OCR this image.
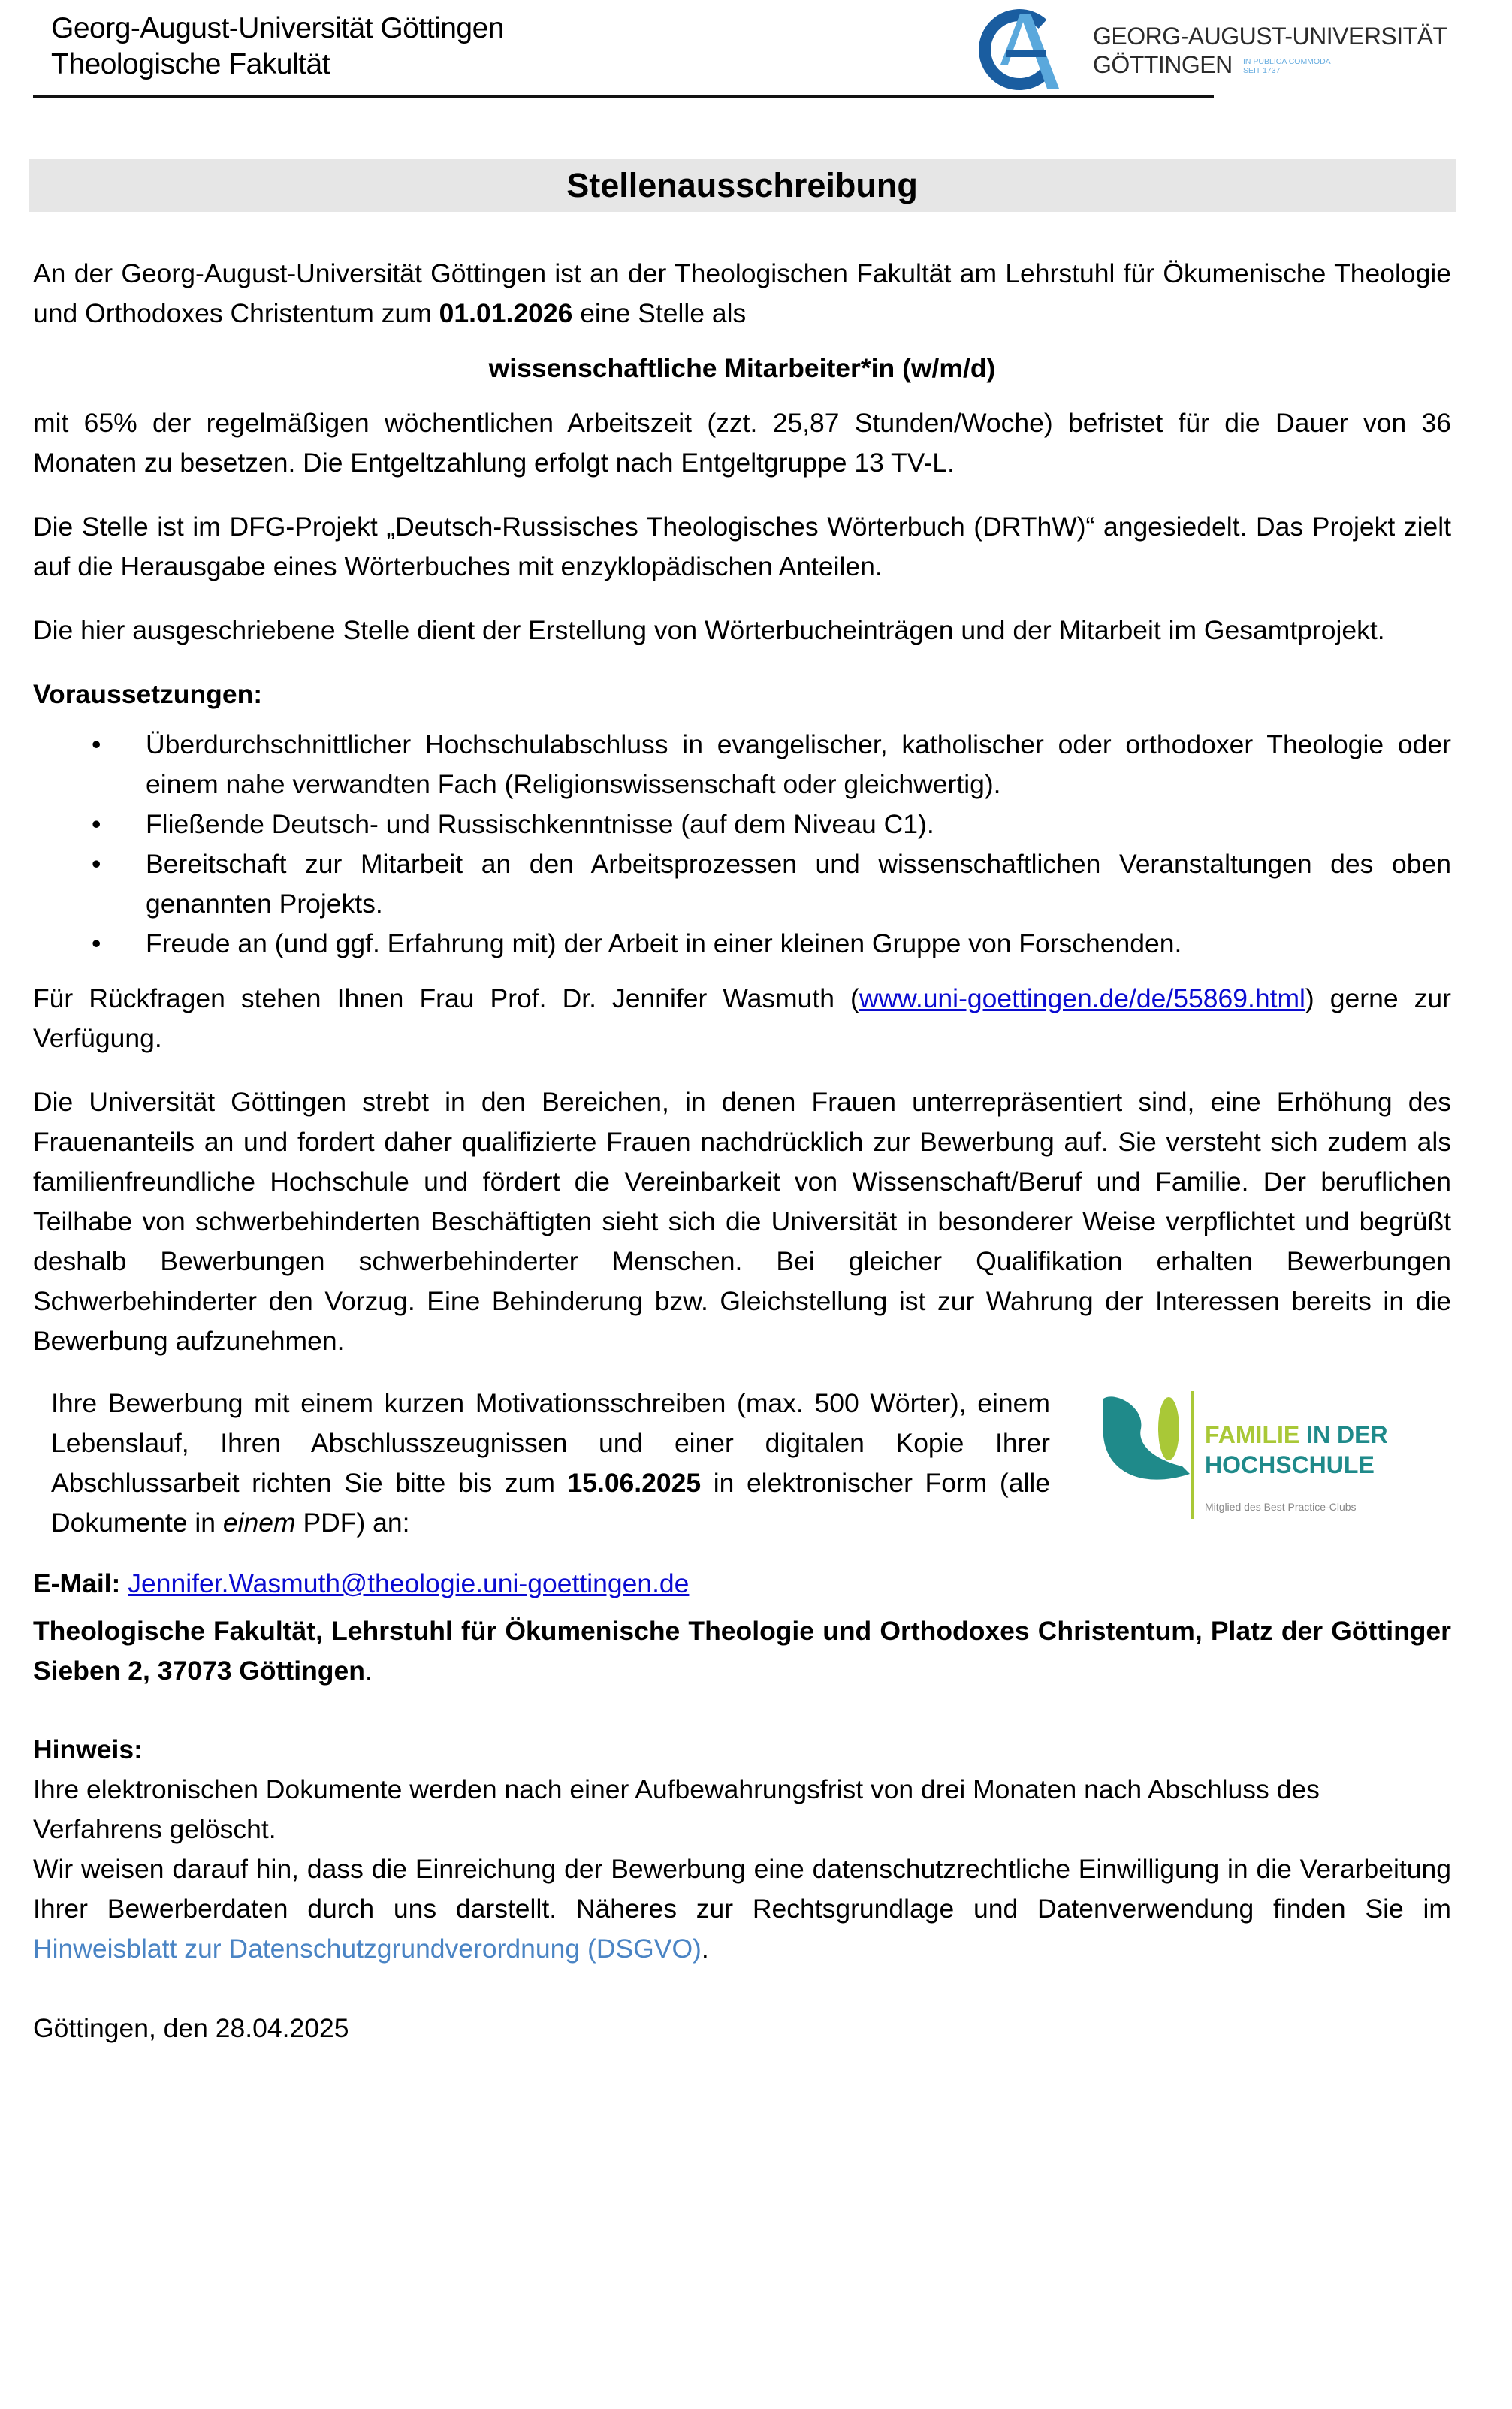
Georg-August-Universität Göttingen
Theologische Fakultät
GEORG-AUGUST-UNIVERSITÄT
GÖTTINGEN IN PUBLICA COMMODA
SEIT 1737
Stellenausschreibung

An der Georg-August-Universität Göttingen ist an der Theologischen Fakultät am Lehrstuhl für Ökumenische Theologie und Orthodoxes Christentum zum 01.01.2026 eine Stelle als

wissenschaftliche Mitarbeiter*in (w/m/d)

mit 65% der regelmäßigen wöchentlichen Arbeitszeit (zzt. 25,87 Stunden/Woche) befristet für die Dauer von 36 Monaten zu besetzen. Die Entgeltzahlung erfolgt nach Entgeltgruppe 13 TV-L.

Die Stelle ist im DFG-Projekt „Deutsch-Russisches Theologisches Wörterbuch (DRThW)“ angesiedelt. Das Projekt zielt auf die Herausgabe eines Wörterbuches mit enzyklopädischen Anteilen.

Die hier ausgeschriebene Stelle dient der Erstellung von Wörterbucheinträgen und der Mitarbeit im Gesamtprojekt.

Voraussetzungen:

• Überdurchschnittlicher Hochschulabschluss in evangelischer, katholischer oder orthodoxer Theologie oder einem nahe verwandten Fach (Religionswissenschaft oder gleichwertig).
• Fließende Deutsch- und Russischkenntnisse (auf dem Niveau C1).
• Bereitschaft zur Mitarbeit an den Arbeitsprozessen und wissenschaftlichen Veranstaltungen des oben genannten Projekts.
• Freude an (und ggf. Erfahrung mit) der Arbeit in einer kleinen Gruppe von Forschenden.

Für Rückfragen stehen Ihnen Frau Prof. Dr. Jennifer Wasmuth (www.uni-goettingen.de/de/55869.html) gerne zur Verfügung.

Die Universität Göttingen strebt in den Bereichen, in denen Frauen unterrepräsentiert sind, eine Erhöhung des Frauenanteils an und fordert daher qualifizierte Frauen nachdrücklich zur Bewerbung auf. Sie versteht sich zudem als familienfreundliche Hochschule und fördert die Vereinbarkeit von Wissenschaft/Beruf und Familie. Der beruflichen Teilhabe von schwerbehinderten Beschäftigten sieht sich die Universität in besonderer Weise verpflichtet und begrüßt deshalb Bewerbungen schwerbehinderter Menschen. Bei gleicher Qualifikation erhalten Bewerbungen Schwerbehinderter den Vorzug. Eine Behinderung bzw. Gleichstellung ist zur Wahrung der Interessen bereits in die Bewerbung aufzunehmen.

Ihre Bewerbung mit einem kurzen Motivationsschreiben (max. 500 Wörter), einem Lebenslauf, Ihren Abschlusszeugnissen und einer digitalen Kopie Ihrer Abschlussarbeit richten Sie bitte bis zum 15.06.2025 in elektronischer Form (alle Dokumente in einem PDF) an:

FAMILIE IN DER
HOCHSCHULE
Mitglied des Best Practice-Clubs

E-Mail: Jennifer.Wasmuth@theologie.uni-goettingen.de

Theologische Fakultät, Lehrstuhl für Ökumenische Theologie und Orthodoxes Christentum, Platz der Göttinger Sieben 2, 37073 Göttingen.

Hinweis:

Ihre elektronischen Dokumente werden nach einer Aufbewahrungsfrist von drei Monaten nach Abschluss des Verfahrens gelöscht.

Wir weisen darauf hin, dass die Einreichung der Bewerbung eine datenschutzrechtliche Einwilligung in die Verarbeitung Ihrer Bewerberdaten durch uns darstellt. Näheres zur Rechtsgrundlage und Datenverwendung finden Sie im Hinweisblatt zur Datenschutzgrundverordnung (DSGVO).

Göttingen, den 28.04.2025
